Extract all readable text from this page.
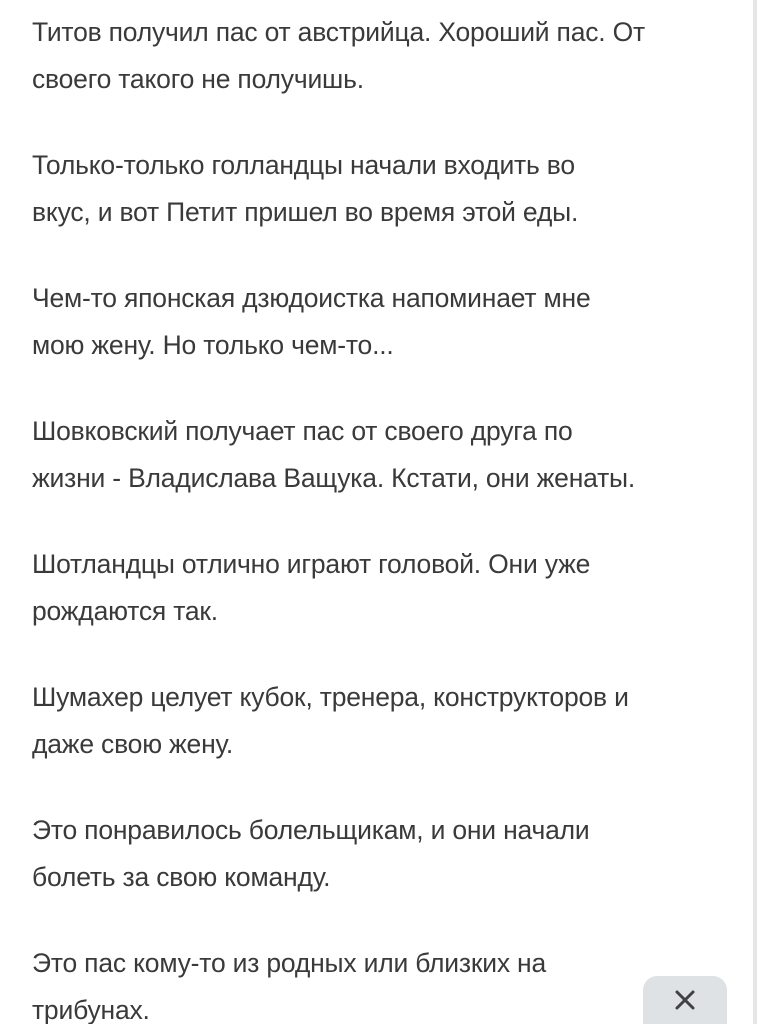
Титов получил пас от австрийца. Хороший пас. От
своего такого не получишь.

Только-только голландцы начали входить во
вкус, и вот Петит пришел во время этой еды.

Чем-то японская дзюдоистка напоминает мне
мою жену. Но только чем-то...

Шовковский получает пас от своего друга по
жизни - Владислава Ващука. Кстати, они женаты.

Шотландцы отлично играют головой. Они уже
рождаются так.

Шумахер целует кубок, тренера, конструкторов и
даже свою жену.

Это понравилось болельщикам, и они начали
болеть за свою команду.

Это пас кому-то из родных или близких на
трибунах.
